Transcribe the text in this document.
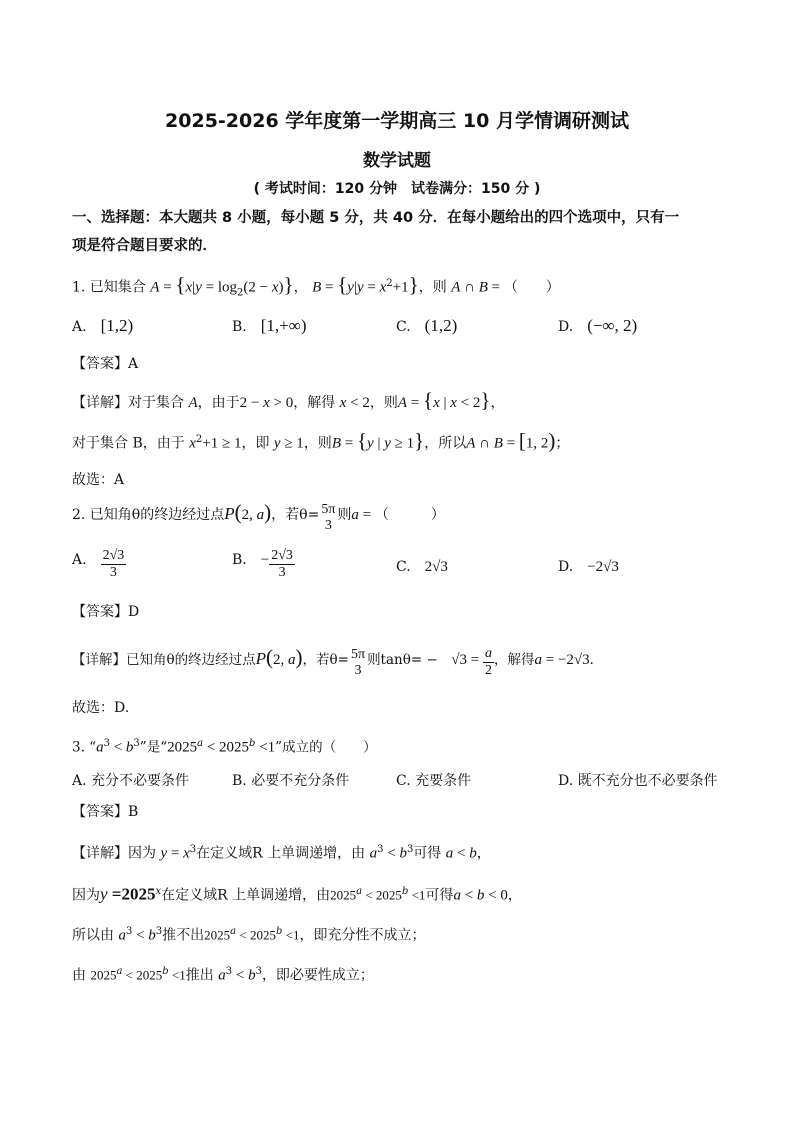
2025-2026 学年度第一学期高三 10 月学情调研测试
数学试题
( 考试时间：120 分钟　试卷满分：150 分 )
一、选择题：本大题共 8 小题，每小题 5 分，共 40 分．在每小题给出的四个选项中，只有一
项是符合题目要求的．
1. 已知集合 $A = \{x|y = \log_2(2 - x)\}$， $B = \{y|y = x^2+1\}$，则 A ∩ B = （　　）
A.　 [1,2)	B.　 [1,+∞)	C.　 (1,2)	D.　 (−∞, 2)
【答案】A
【详解】对于集合 A，由于2 − x > 0，解得 x < 2，则A = {x | x < 2}，
对于集合 B，由于 $x^2+1 \ge 1$，即 y ≥ 1，则B = {y | y ≥ 1}，所以A ∩ B = [1, 2)；
故选：A
2. 已知角θ的终边经过点P(2, a)，若θ= 5π
3
则a = （　　　）
A.　 $\frac{2√3}{3}$	B.　 − $\frac{2√3}{3}$	C.　 2√3	D.　 −2√3
【答案】D
【详解】已知角θ的终边经过点P(2, a)，若θ= 5π
3
则tanθ= −　 $√3 = \frac{a}{2}$ ，解得a = −2√3．
故选：D.
3. “$a^3 < b^3$”是“$2025^a < 2025^b <1$”成立的（　　）
A. 充分不必要条件	B. 必要不充分条件	C. 充要条件	D. 既不充分也不必要条件
【答案】B
【详解】因为 $y = x^3$在定义域R 上单调递增，由 $a^3 < b^3$可得 a < b，
因为$y =2025^x$在定义域R 上单调递增，由$2025^a < 2025^b <1$可得a < b < 0，
所以由 $a^3 < b^3$推不出$2025^a < 2025^b <1$，即充分性不成立；
由 $2025^a < 2025^b <1$推出 $a^3 < b^3$，即必要性成立；
